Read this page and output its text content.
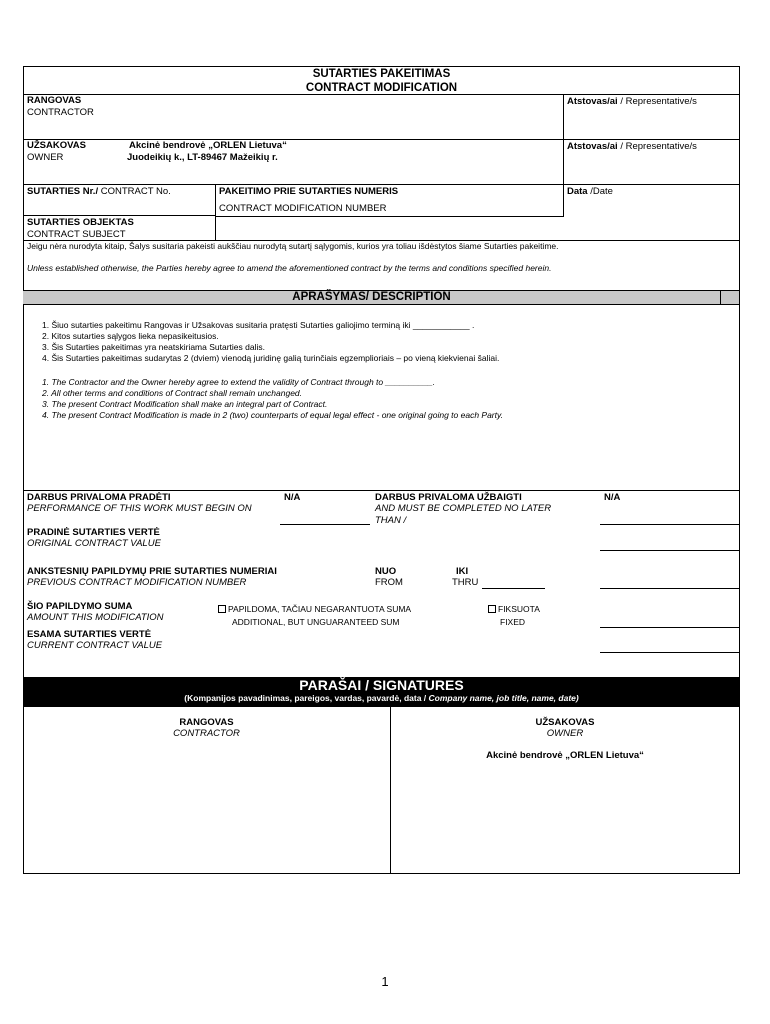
SUTARTIES PAKEITIMAS
CONTRACT MODIFICATION
RANGOVAS
CONTRACTOR
Atstovas/ai / Representative/s
UŽSAKOVAS
OWNER
Akcinė bendrovė „ORLEN Lietuva“
Juodeikių k., LT-89467 Mažeikių r.
Atstovas/ai / Representative/s
SUTARTIES Nr./ CONTRACT No.	PAKEITIMO PRIE SUTARTIES NUMERIS
CONTRACT MODIFICATION NUMBER
Data /Date
SUTARTIES OBJEKTAS
CONTRACT SUBJECT
Jeigu nėra nurodyta kitaip, Šalys susitaria pakeisti aukščiau nurodytą sutartį sąlygomis, kurios yra toliau išdėstytos šiame Sutarties pakeitime.
Unless established otherwise, the Parties hereby agree to amend the aforementioned contract by the terms and conditions specified herein.
APRAŠYMAS/ DESCRIPTION
1. Šiuo sutarties pakeitimu Rangovas ir Užsakovas susitaria pratęsti Sutarties galiojimo terminą iki ____________ .
2. Kitos sutarties sąlygos lieka nepasikeitusios.
3. Šis Sutarties pakeitimas yra neatskiriama Sutarties dalis.
4. Šis Sutarties pakeitimas sudarytas 2 (dviem) vienodą juridinę galią turinčiais egzemplioriais – po vieną kiekvienai šaliai.
1. The Contractor and the Owner hereby agree to extend the validity of Contract through to __________.
2. All other terms and conditions of Contract shall remain unchanged.
3. The present Contract Modification shall make an integral part of Contract.
4. The present Contract Modification is made in 2 (two) counterparts of equal legal effect - one original going to each Party.
DARBUS PRIVALOMA PRADĖTI
PERFORMANCE OF THIS WORK MUST BEGIN ON
N/A	DARBUS PRIVALOMA UŽBAIGTI
AND MUST BE COMPLETED NO LATER
THAN /
N/A
PRADINĖ SUTARTIES VERTĖ
ORIGINAL CONTRACT VALUE
ANKSTESNIŲ PAPILDYMŲ PRIE SUTARTIES NUMERIAI
PREVIOUS CONTRACT MODIFICATION NUMBER
NUO
FROM
IKI
THRU
ŠIO PAPILDYMO SUMA
AMOUNT THIS MODIFICATION
PAPILDOMA, TAČIAU NEGARANTUOTA SUMA
ADDITIONAL, BUT UNGUARANTEED SUM
FIKSUOTA
FIXED
ESAMA SUTARTIES VERTĖ
CURRENT CONTRACT VALUE
PARAŠAI / SIGNATURES
(Kompanijos pavadinimas, pareigos, vardas, pavardė, data / Company name, job title, name, date)
RANGOVAS
CONTRACTOR
UŽSAKOVAS
OWNER
Akcinė bendrovė „ORLEN Lietuva“
1
